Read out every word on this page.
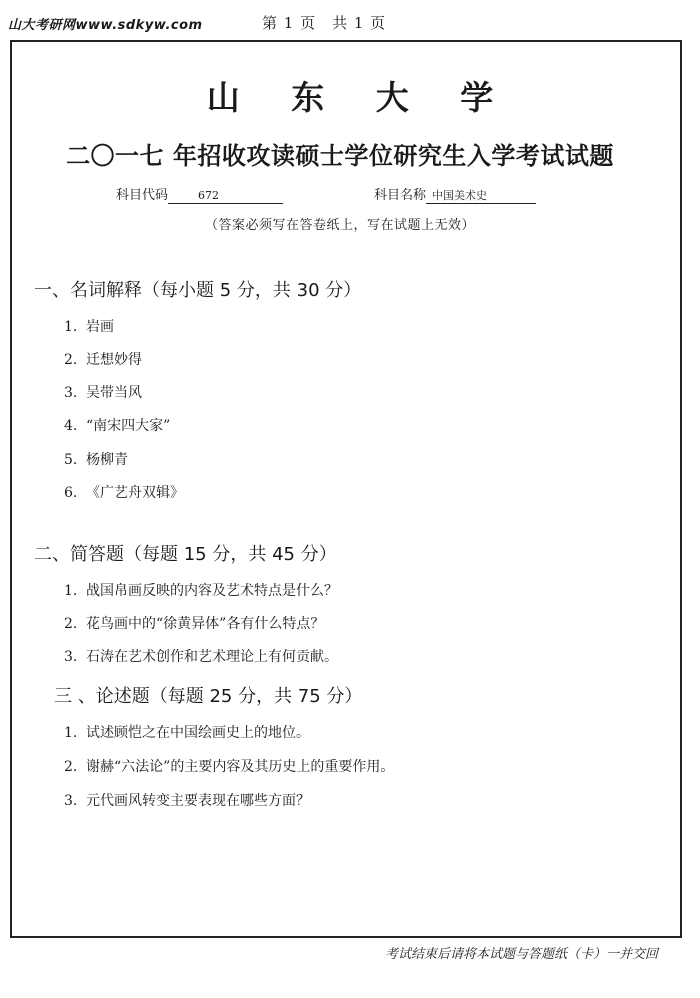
山大考研网www.sdkyw.com	第 1 页　共 1 页
山 东 大 学
二〇一七 年招收攻读硕士学位研究生入学考试试题
科目代码	672	科目名称 中国美术史
（答案必须写在答卷纸上，写在试题上无效）
一、名词解释（每小题 5 分，共 30 分）
1. 岩画
2. 迁想妙得
3. 吴带当风
4. “南宋四大家”
5. 杨柳青
6. 《广艺舟双辑》
二、简答题（每题 15 分，共 45 分）
1. 战国帛画反映的内容及艺术特点是什么？
2. 花鸟画中的“徐黄异体”各有什么特点？
3. 石涛在艺术创作和艺术理论上有何贡献。
三 、论述题（每题 25 分，共 75 分）
1. 试述顾恺之在中国绘画史上的地位。
2. 谢赫“六法论”的主要内容及其历史上的重要作用。
3. 元代画风转变主要表现在哪些方面？
考试结束后请将本试题与答题纸（卡）一并交回
